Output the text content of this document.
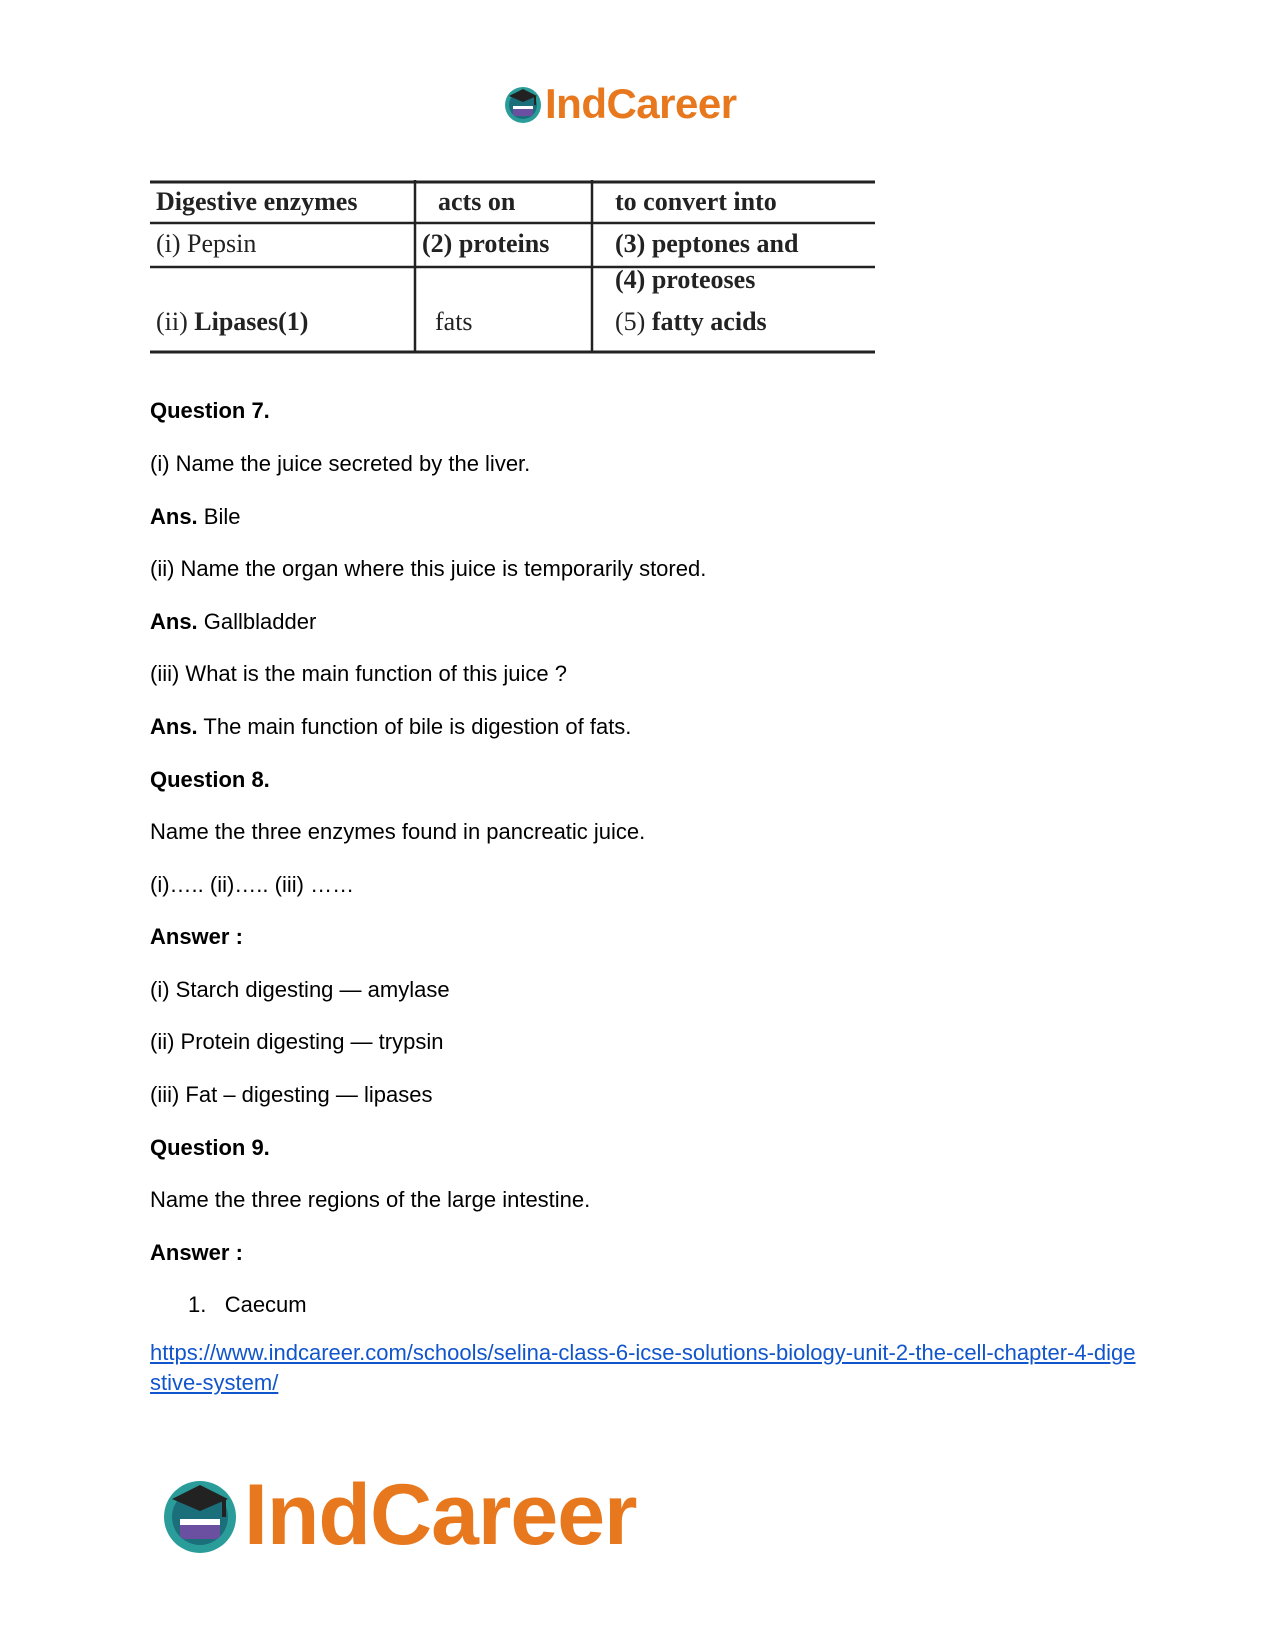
IndCareer
Digestive enzymes	acts on	to convert into
(i) Pepsin	(2) proteins	(3) peptones and
(4) proteoses
(ii) Lipases(1)	fats	(5) fatty acids
Question 7.
(i) Name the juice secreted by the liver.
Ans. Bile
(ii) Name the organ where this juice is temporarily stored.
Ans. Gallbladder
(iii) What is the main function of this juice ?
Ans. The main function of bile is digestion of fats.
Question 8.
Name the three enzymes found in pancreatic juice.
(i)….. (ii)….. (iii) ……
Answer :
(i) Starch digesting — amylase
(ii) Protein digesting — trypsin
(iii) Fat – digesting — lipases
Question 9.
Name the three regions of the large intestine.
Answer :
1. Caecum
https://www.indcareer.com/schools/selina-class-6-icse-solutions-biology-unit-2-the-cell-chapter-4-digestive-system/
IndCareer
